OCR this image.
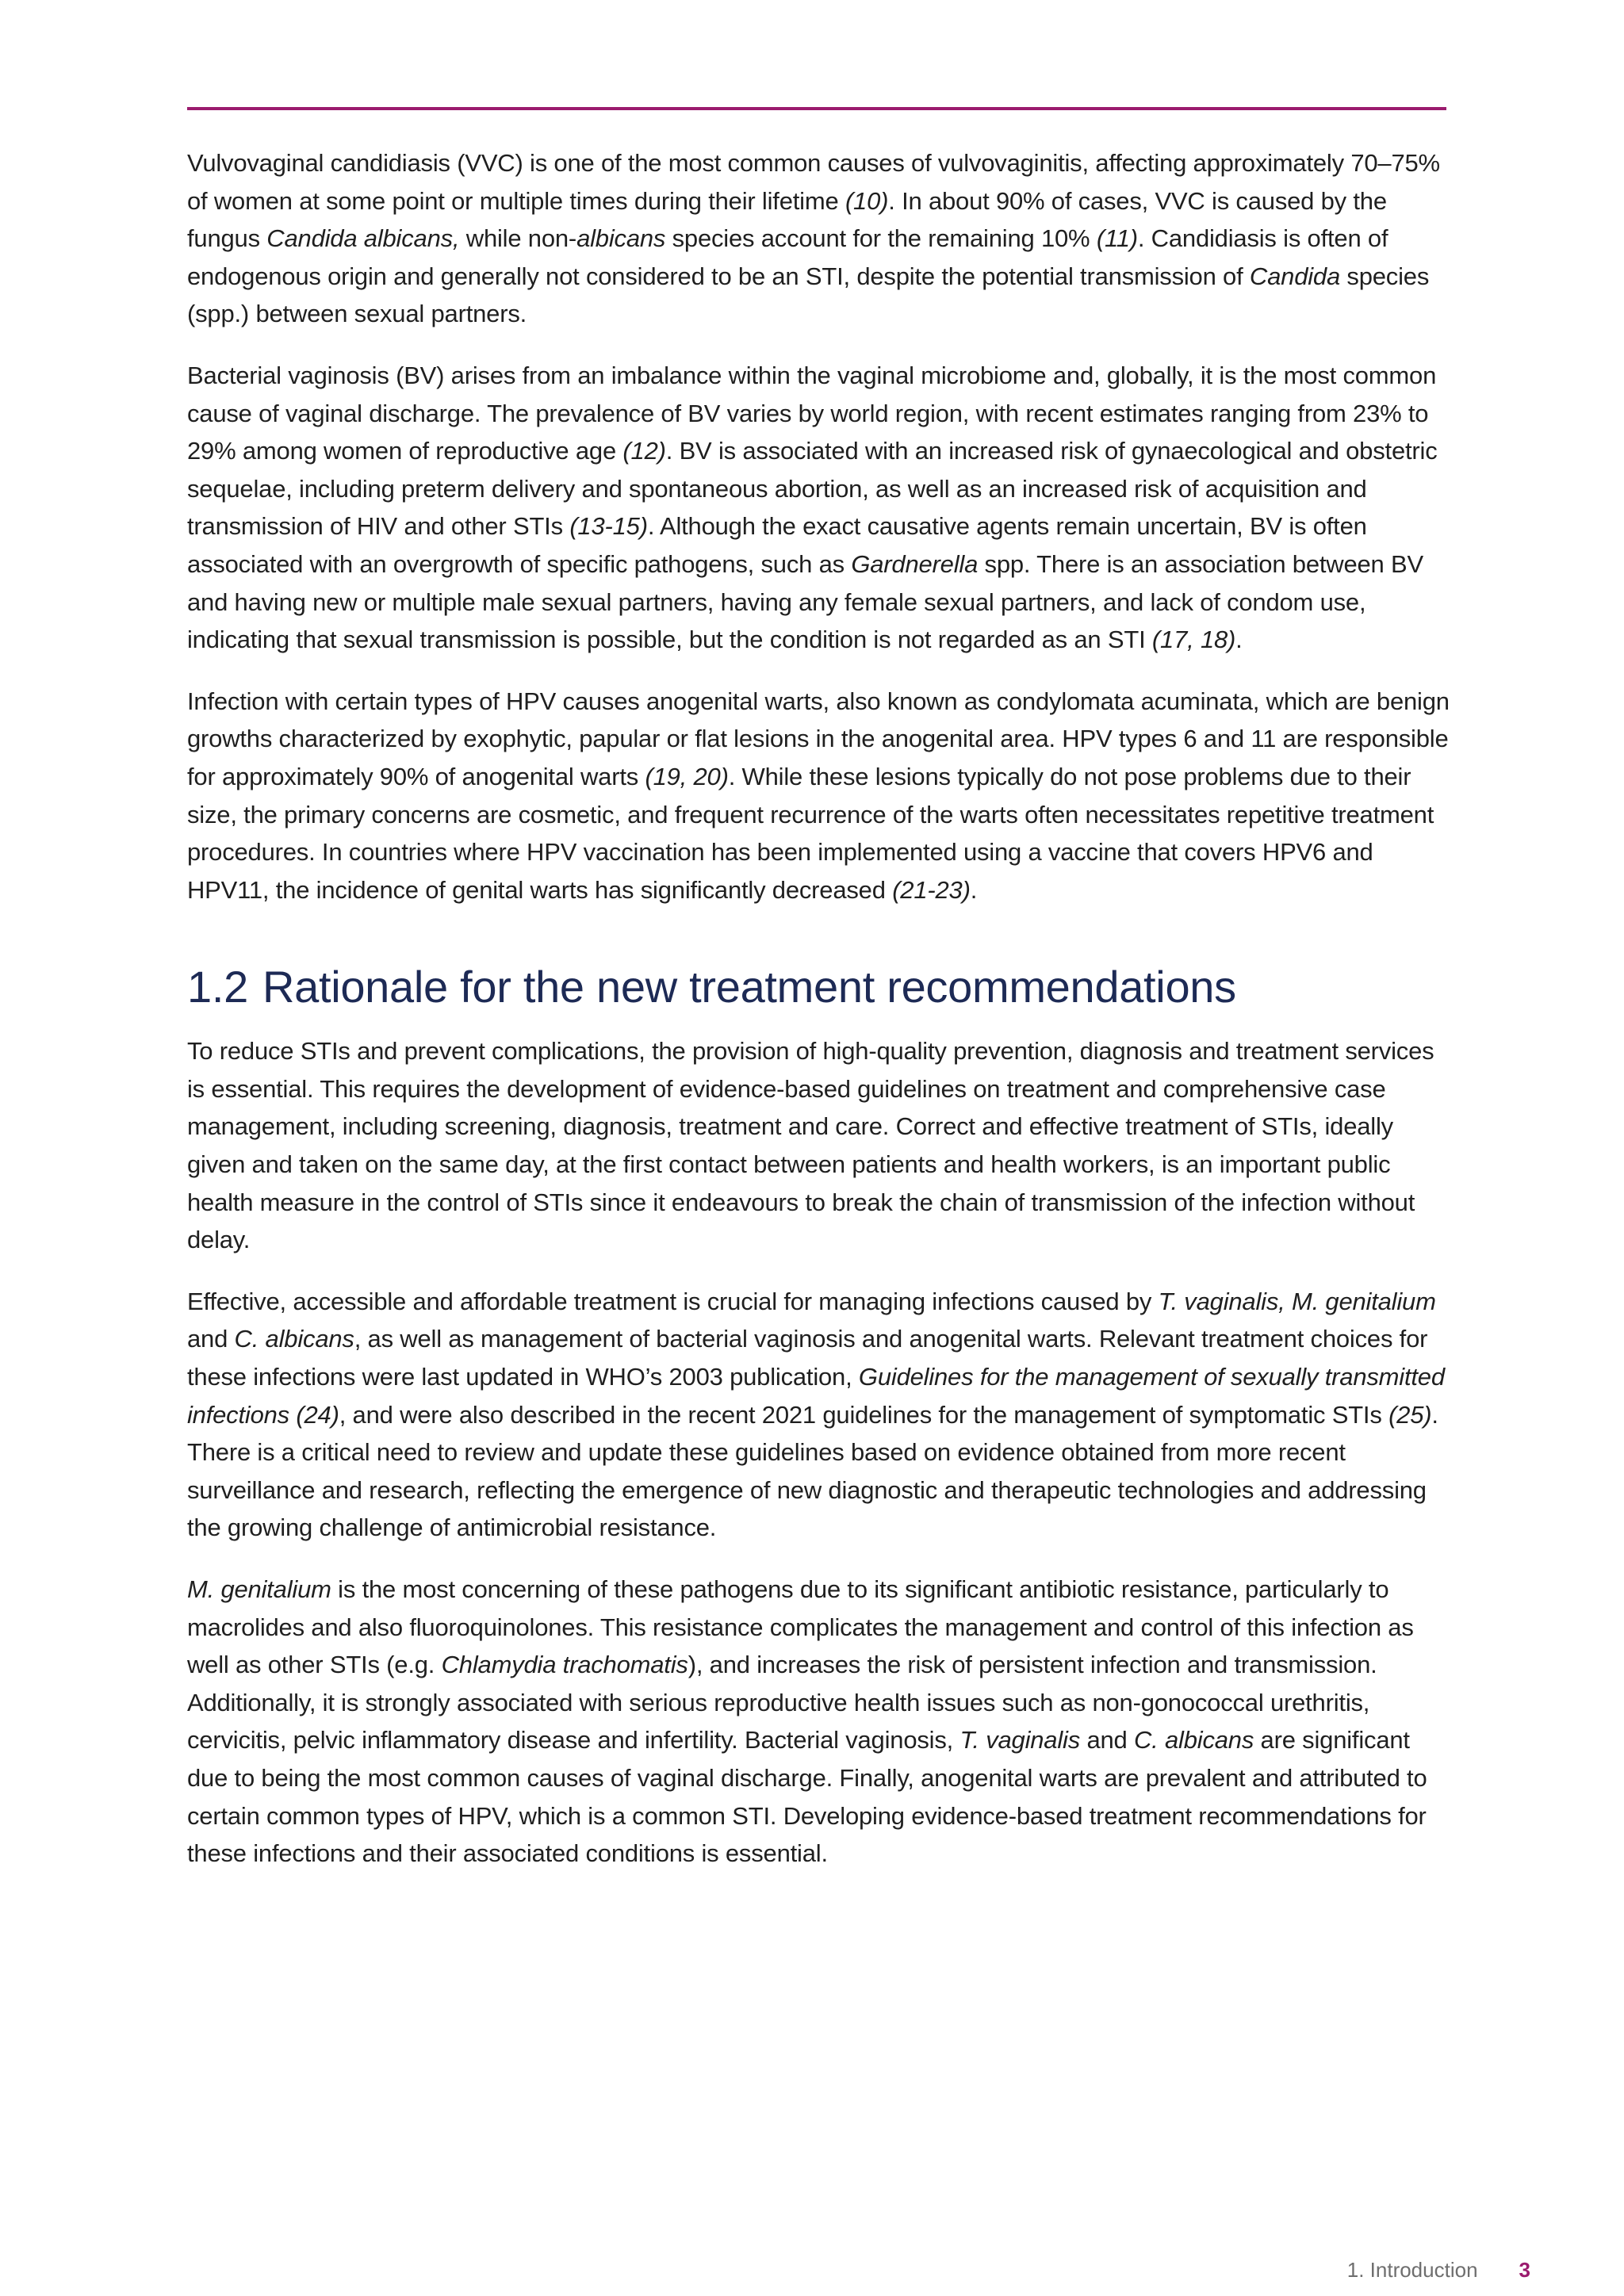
Vulvovaginal candidiasis (VVC) is one of the most common causes of vulvovaginitis, affecting approximately 70–75% of women at some point or multiple times during their lifetime (10). In about 90% of cases, VVC is caused by the fungus Candida albicans, while non-albicans species account for the remaining 10% (11). Candidiasis is often of endogenous origin and generally not considered to be an STI, despite the potential transmission of Candida species (spp.) between sexual partners.

Bacterial vaginosis (BV) arises from an imbalance within the vaginal microbiome and, globally, it is the most common cause of vaginal discharge. The prevalence of BV varies by world region, with recent estimates ranging from 23% to 29% among women of reproductive age (12). BV is associated with an increased risk of gynaecological and obstetric sequelae, including preterm delivery and spontaneous abortion, as well as an increased risk of acquisition and transmission of HIV and other STIs (13-15). Although the exact causative agents remain uncertain, BV is often associated with an overgrowth of specific pathogens, such as Gardnerella spp. There is an association between BV and having new or multiple male sexual partners, having any female sexual partners, and lack of condom use, indicating that sexual transmission is possible, but the condition is not regarded as an STI (17, 18).

Infection with certain types of HPV causes anogenital warts, also known as condylomata acuminata, which are benign growths characterized by exophytic, papular or flat lesions in the anogenital area. HPV types 6 and 11 are responsible for approximately 90% of anogenital warts (19, 20). While these lesions typically do not pose problems due to their size, the primary concerns are cosmetic, and frequent recurrence of the warts often necessitates repetitive treatment procedures. In countries where HPV vaccination has been implemented using a vaccine that covers HPV6 and HPV11, the incidence of genital warts has significantly decreased (21-23).

1.2 Rationale for the new treatment recommendations

To reduce STIs and prevent complications, the provision of high-quality prevention, diagnosis and treatment services is essential. This requires the development of evidence-based guidelines on treatment and comprehensive case management, including screening, diagnosis, treatment and care. Correct and effective treatment of STIs, ideally given and taken on the same day, at the first contact between patients and health workers, is an important public health measure in the control of STIs since it endeavours to break the chain of transmission of the infection without delay.

Effective, accessible and affordable treatment is crucial for managing infections caused by T. vaginalis, M. genitalium and C. albicans, as well as management of bacterial vaginosis and anogenital warts. Relevant treatment choices for these infections were last updated in WHO’s 2003 publication, Guidelines for the management of sexually transmitted infections (24), and were also described in the recent 2021 guidelines for the management of symptomatic STIs (25). There is a critical need to review and update these guidelines based on evidence obtained from more recent surveillance and research, reflecting the emergence of new diagnostic and therapeutic technologies and addressing the growing challenge of antimicrobial resistance.

M. genitalium is the most concerning of these pathogens due to its significant antibiotic resistance, particularly to macrolides and also fluoroquinolones. This resistance complicates the management and control of this infection as well as other STIs (e.g. Chlamydia trachomatis), and increases the risk of persistent infection and transmission. Additionally, it is strongly associated with serious reproductive health issues such as non-gonococcal urethritis, cervicitis, pelvic inflammatory disease and infertility. Bacterial vaginosis, T. vaginalis and C. albicans are significant due to being the most common causes of vaginal discharge. Finally, anogenital warts are prevalent and attributed to certain common types of HPV, which is a common STI. Developing evidence-based treatment recommendations for these infections and their associated conditions is essential.

1. Introduction 3
